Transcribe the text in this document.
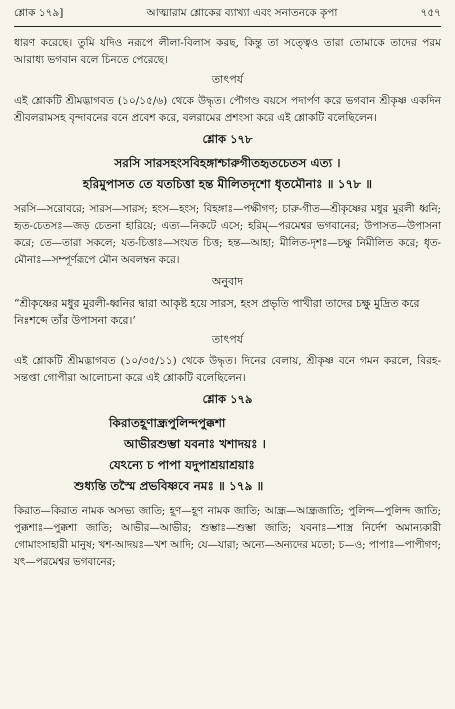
শ্লোক ১৭৯]	আত্মারাম শ্লোকের ব্যাখ্যা এবং সনাতনকে কৃপা	৭৫৭

ধারণ করেছে। তুমি যদিও নরূপে লীলা-বিলাস করছ, কিন্তু তা সত্ত্বেও তারা তোমাকে তাদের পরম আরাধ্য ভগবান বলে চিনতে পেরেছে।

তাৎপর্য

এই শ্লোকটি শ্রীমদ্ভাগবত (১০/১৫/৬) থেকে উদ্ধৃত। পৌগণ্ড বয়সে পদার্পণ করে ভগবান শ্রীকৃষ্ণ একদিন শ্রীবলরামসহ বৃন্দাবনের বনে প্রবেশ করে, বলরামের প্রশংসা করে এই শ্লোকটি বলেছিলেন।

শ্লোক ১৭৮
সরসি সারসহংসবিহঙ্গাশ্চারুগীতহৃতচেতস এত্য ।
হরিমুপাসত তে যতচিত্তা হন্ত মীলিতদৃশো ধৃতমৌনাঃ ॥ ১৭৮ ॥

সরসি—সরোবরে; সারস—সারস; হংস—হংস; বিহঙ্গাঃ—পক্ষীগণ; চারু-গীত—শ্রীকৃষ্ণের মধুর মুরলী ধ্বনি; হৃত-চেতসঃ—জড় চেতনা হারিয়ে; এত্য—নিকটে এসে; হরিম্—পরমেশ্বর ভগবানের; উপাসত—উপাসনা করে; তে—তারা সকলে; যত-চিত্তাঃ—সংযত চিত্ত; হন্ত—আহা; মীলিত-দৃশঃ—চক্ষু নিমীলিত করে; ধৃত-মৌনাঃ—সম্পূর্ণরূপে মৌন অবলম্বন করে।

অনুবাদ

“শ্রীকৃষ্ণের মধুর মুরলী-ধ্বনির দ্বারা আকৃষ্ট হয়ে সারস, হংস প্রভৃতি পাখীরা তাদের চক্ষু মুদ্রিত করে নিঃশব্দে তাঁর উপাসনা করে।’

তাৎপর্য

এই শ্লোকটি শ্রীমদ্ভাগবত (১০/৩৫/১১) থেকে উদ্ধৃত। দিনের বেলায়, শ্রীকৃষ্ণ বনে গমন করলে, বিরহ-সন্তপ্তা গোপীরা আলোচনা করে এই শ্লোকটি বলেছিলেন।

শ্লোক ১৭৯
কিরাতহূণান্ধ্রপুলিন্দপুক্কশা
আভীরশুম্ভা যবনাঃ খশাদয়ঃ ।
যেঽন্যে চ পাপা যদুপাশ্রয়াশ্রয়াঃ
শুধ্যন্তি তস্মৈ প্রভবিষ্ণবে নমঃ ॥ ১৭৯ ॥

কিরাত—কিরাত নামক অসভ্য জাতি; হূণ—হূণ নামক জাতি; আন্ধ্র—আন্ধ্রজাতি; পুলিন্দ—পুলিন্দ জাতি; পুক্কশাঃ—পুক্কশা জাতি; আভীর—আভীর; শুম্ভাঃ—শুম্ভা জাতি; যবনাঃ—শাস্ত্র নির্দেশ অমান্যকারী গোমাংসাহারী মানুষ; খশ-আদয়ঃ—খশ আদি; যে—যারা; অন্যে—অন্যদের মতো; চ—ও; পাপাঃ—পাপীগণ; যৎ—পরমেশ্বর ভগবানের;
